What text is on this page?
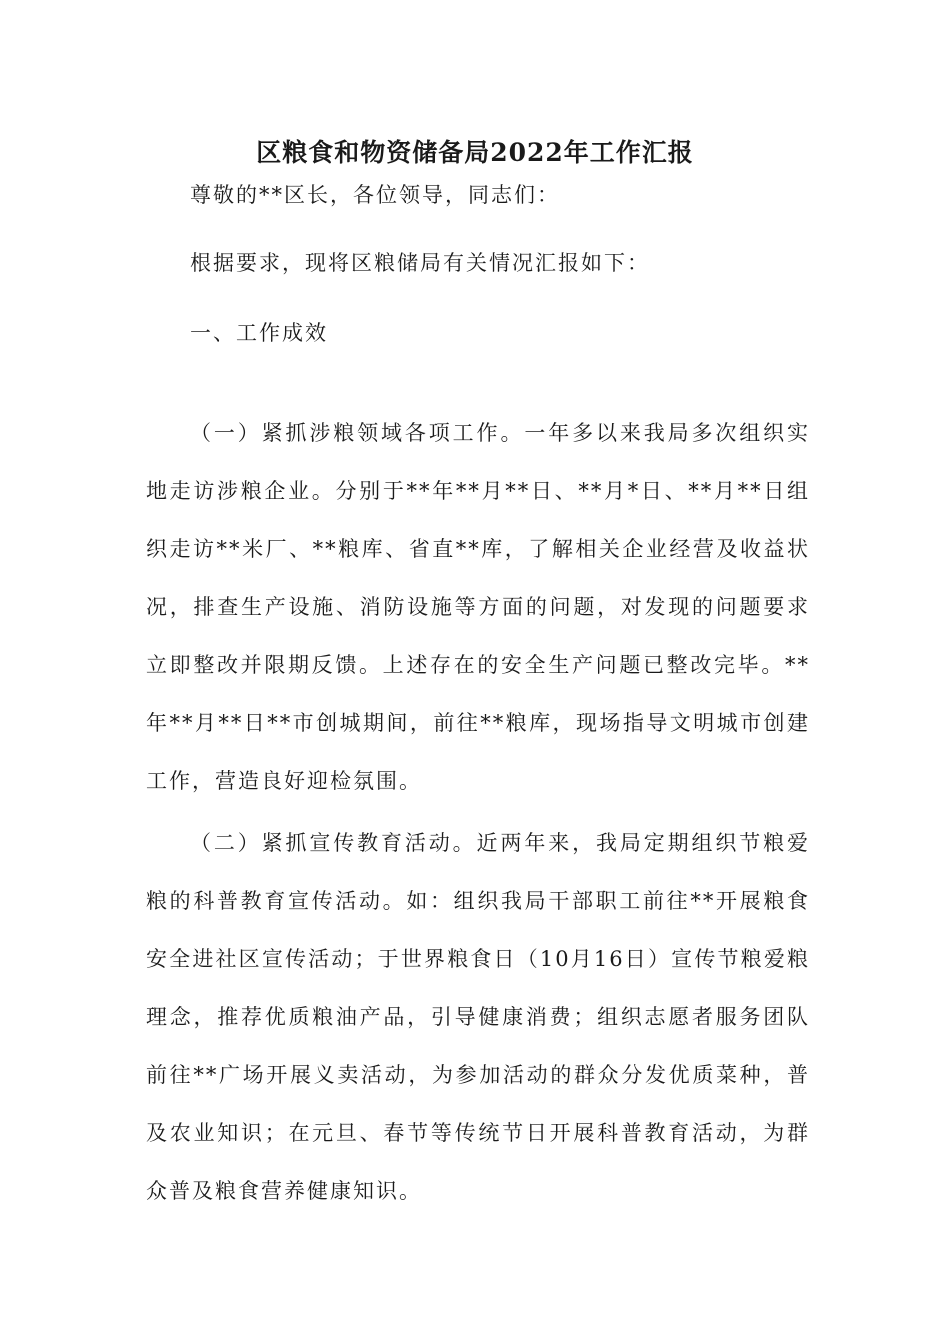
区粮食和物资储备局2022年工作汇报

尊敬的**区长，各位领导，同志们：

根据要求，现将区粮储局有关情况汇报如下：

一、工作成效

（一）紧抓涉粮领域各项工作。一年多以来我局多次组织实地走访涉粮企业。分别于**年**月**日、**月*日、**月**日组织走访**米厂、**粮库、省直**库，了解相关企业经营及收益状况，排查生产设施、消防设施等方面的问题，对发现的问题要求立即整改并限期反馈。上述存在的安全生产问题已整改完毕。**年**月**日**市创城期间，前往**粮库，现场指导文明城市创建工作，营造良好迎检氛围。

（二）紧抓宣传教育活动。近两年来，我局定期组织节粮爱粮的科普教育宣传活动。如：组织我局干部职工前往**开展粮食安全进社区宣传活动；于世界粮食日（10月16日）宣传节粮爱粮理念，推荐优质粮油产品，引导健康消费；组织志愿者服务团队前往**广场开展义卖活动，为参加活动的群众分发优质菜种，普及农业知识；在元旦、春节等传统节日开展科普教育活动，为群众普及粮食营养健康知识。
